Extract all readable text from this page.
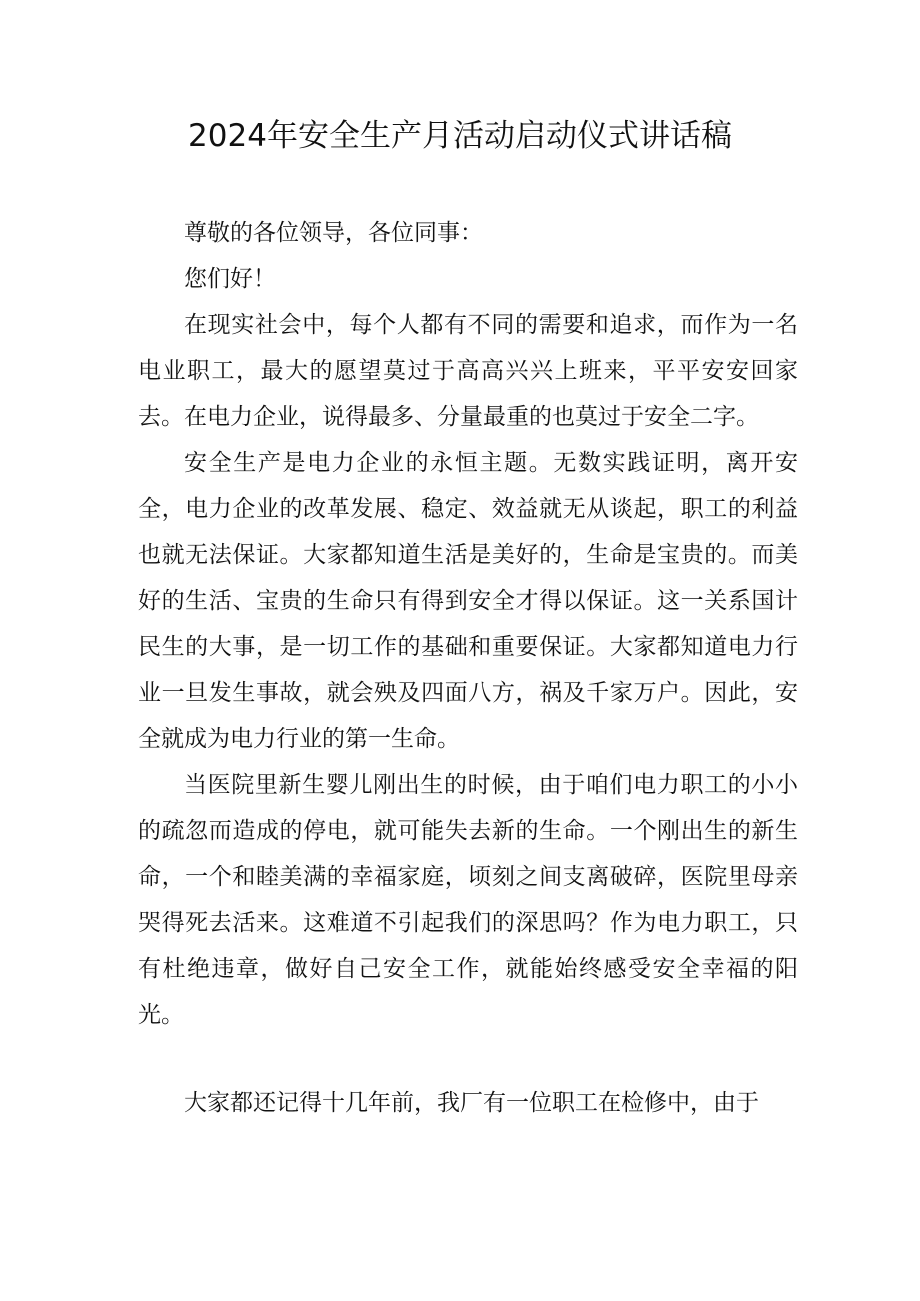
2024年安全生产月活动启动仪式讲话稿

尊敬的各位领导，各位同事：

您们好！

在现实社会中，每个人都有不同的需要和追求，而作为一名电业职工，最大的愿望莫过于高高兴兴上班来，平平安安回家去。在电力企业，说得最多、分量最重的也莫过于安全二字。

安全生产是电力企业的永恒主题。无数实践证明，离开安全，电力企业的改革发展、稳定、效益就无从谈起，职工的利益也就无法保证。大家都知道生活是美好的，生命是宝贵的。而美好的生活、宝贵的生命只有得到安全才得以保证。这一关系国计民生的大事，是一切工作的基础和重要保证。大家都知道电力行业一旦发生事故，就会殃及四面八方，祸及千家万户。因此，安全就成为电力行业的第一生命。

当医院里新生婴儿刚出生的时候，由于咱们电力职工的小小的疏忽而造成的停电，就可能失去新的生命。一个刚出生的新生命，一个和睦美满的幸福家庭，顷刻之间支离破碎，医院里母亲哭得死去活来。这难道不引起我们的深思吗？作为电力职工，只有杜绝违章，做好自己安全工作，就能始终感受安全幸福的阳光。

大家都还记得十几年前，我厂有一位职工在检修中，由于
